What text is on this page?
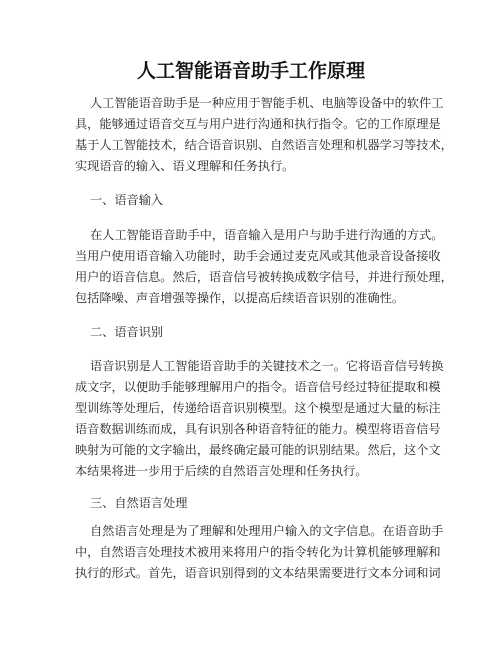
人工智能语音助手工作原理

人工智能语音助手是一种应用于智能手机、电脑等设备中的软件工
具，能够通过语音交互与用户进行沟通和执行指令。它的工作原理是
基于人工智能技术，结合语音识别、自然语言处理和机器学习等技术，
实现语音的输入、语义理解和任务执行。

一、语音输入

在人工智能语音助手中，语音输入是用户与助手进行沟通的方式。
当用户使用语音输入功能时，助手会通过麦克风或其他录音设备接收
用户的语音信息。然后，语音信号被转换成数字信号，并进行预处理，
包括降噪、声音增强等操作，以提高后续语音识别的准确性。

二、语音识别

语音识别是人工智能语音助手的关键技术之一。它将语音信号转换
成文字，以便助手能够理解用户的指令。语音信号经过特征提取和模
型训练等处理后，传递给语音识别模型。这个模型是通过大量的标注
语音数据训练而成，具有识别各种语音特征的能力。模型将语音信号
映射为可能的文字输出，最终确定最可能的识别结果。然后，这个文
本结果将进一步用于后续的自然语言处理和任务执行。

三、自然语言处理

自然语言处理是为了理解和处理用户输入的文字信息。在语音助手
中，自然语言处理技术被用来将用户的指令转化为计算机能够理解和
执行的形式。首先，语音识别得到的文本结果需要进行文本分词和词
